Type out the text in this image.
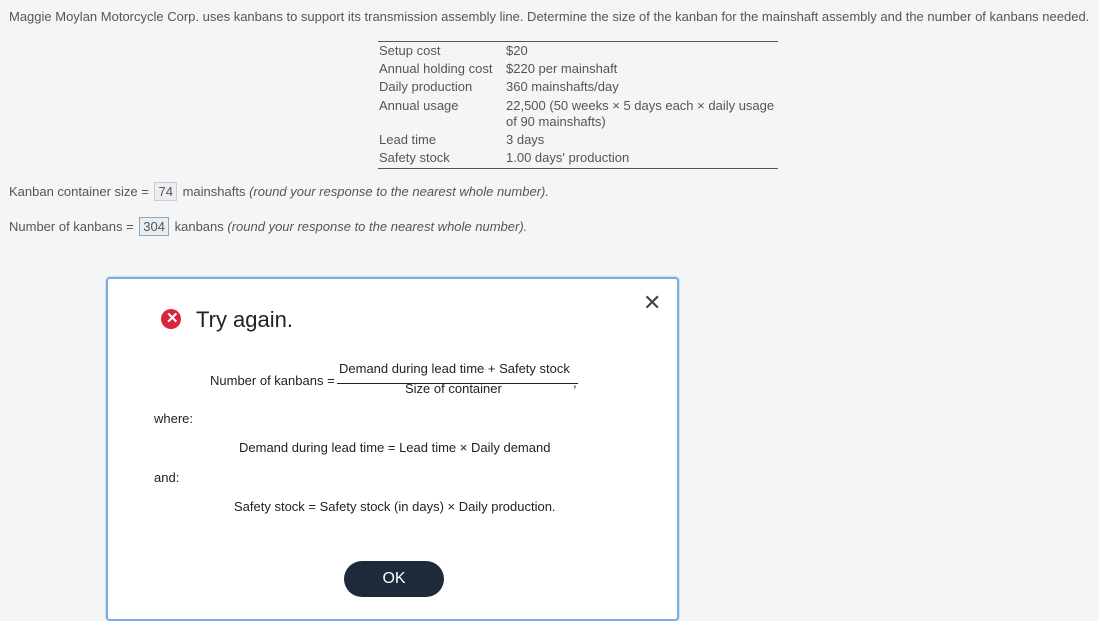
Maggie Moylan Motorcycle Corp. uses kanbans to support its transmission assembly line. Determine the size of the kanban for the mainshaft assembly and the number of kanbans needed.
Setup cost	$20
Annual holding cost $220 per mainshaft
Daily production	360 mainshafts/day
Annual usage	22,500 (50 weeks × 5 days each × daily usage of 90 mainshafts)
Lead time	3 days
Safety stock	1.00 days' production
Kanban container size = 74 mainshafts (round your response to the nearest whole number).
Number of kanbans = 304 kanbans (round your response to the nearest whole number).
✕
✕ Try again.
Number of kanbans =
Demand during lead time + Safety stock
Size of container	,
where:
Demand during lead time = Lead time × Daily demand
and:
Safety stock = Safety stock (in days) × Daily production.
OK
